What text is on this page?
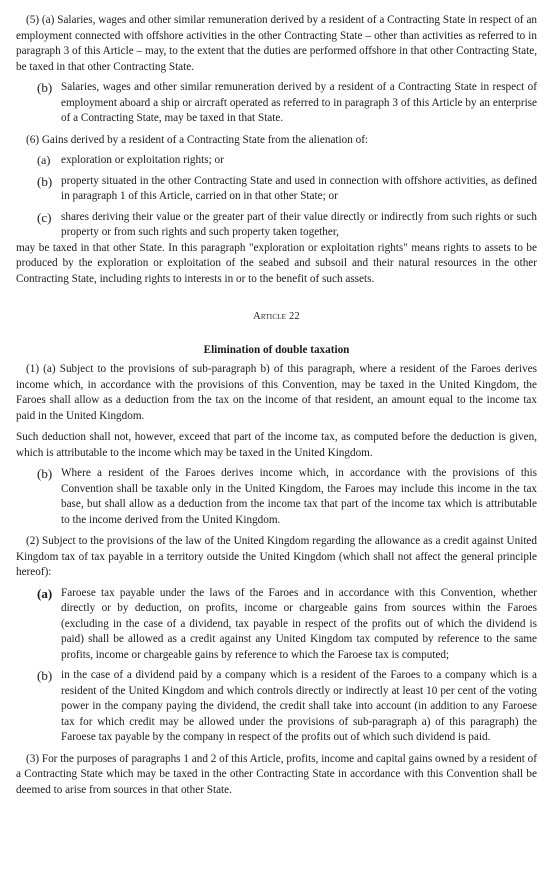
(5) (a) Salaries, wages and other similar remuneration derived by a resident of a Contracting State in respect of an employment connected with offshore activities in the other Contracting State – other than activities as referred to in paragraph 3 of this Article – may, to the extent that the duties are performed offshore in that other Contracting State, be taxed in that other Contracting State.

(b) Salaries, wages and other similar remuneration derived by a resident of a Contracting State in respect of employment aboard a ship or aircraft operated as referred to in paragraph 3 of this Article by an enterprise of a Contracting State, may be taxed in that State.

(6) Gains derived by a resident of a Contracting State from the alienation of:

(a) exploration or exploitation rights; or
(b) property situated in the other Contracting State and used in connection with offshore activities, as defined in paragraph 1 of this Article, carried on in that other State; or
(c) shares deriving their value or the greater part of their value directly or indirectly from such rights or such property or from such rights and such property taken together,

may be taxed in that other State. In this paragraph "exploration or exploitation rights" means rights to assets to be produced by the exploration or exploitation of the seabed and subsoil and their natural resources in the other Contracting State, including rights to interests in or to the benefit of such assets.

Article 22

Elimination of double taxation

(1) (a) Subject to the provisions of sub-paragraph b) of this paragraph, where a resident of the Faroes derives income which, in accordance with the provisions of this Convention, may be taxed in the United Kingdom, the Faroes shall allow as a deduction from the tax on the income of that resident, an amount equal to the income tax paid in the United Kingdom.

Such deduction shall not, however, exceed that part of the income tax, as computed before the deduction is given, which is attributable to the income which may be taxed in the United Kingdom.

(b) Where a resident of the Faroes derives income which, in accordance with the provisions of this Convention shall be taxable only in the United Kingdom, the Faroes may include this income in the tax base, but shall allow as a deduction from the income tax that part of the income tax which is attributable to the income derived from the United Kingdom.

(2) Subject to the provisions of the law of the United Kingdom regarding the allowance as a credit against United Kingdom tax of tax payable in a territory outside the United Kingdom (which shall not affect the general principle hereof):

(a) Faroese tax payable under the laws of the Faroes and in accordance with this Convention, whether directly or by deduction, on profits, income or chargeable gains from sources within the Faroes (excluding in the case of a dividend, tax payable in respect of the profits out of which the dividend is paid) shall be allowed as a credit against any United Kingdom tax computed by reference to the same profits, income or chargeable gains by reference to which the Faroese tax is computed;
(b) in the case of a dividend paid by a company which is a resident of the Faroes to a company which is a resident of the United Kingdom and which controls directly or indirectly at least 10 per cent of the voting power in the company paying the dividend, the credit shall take into account (in addition to any Faroese tax for which credit may be allowed under the provisions of sub-paragraph a) of this paragraph) the Faroese tax payable by the company in respect of the profits out of which such dividend is paid.

(3) For the purposes of paragraphs 1 and 2 of this Article, profits, income and capital gains owned by a resident of a Contracting State which may be taxed in the other Contracting State in accordance with this Convention shall be deemed to arise from sources in that other State.
